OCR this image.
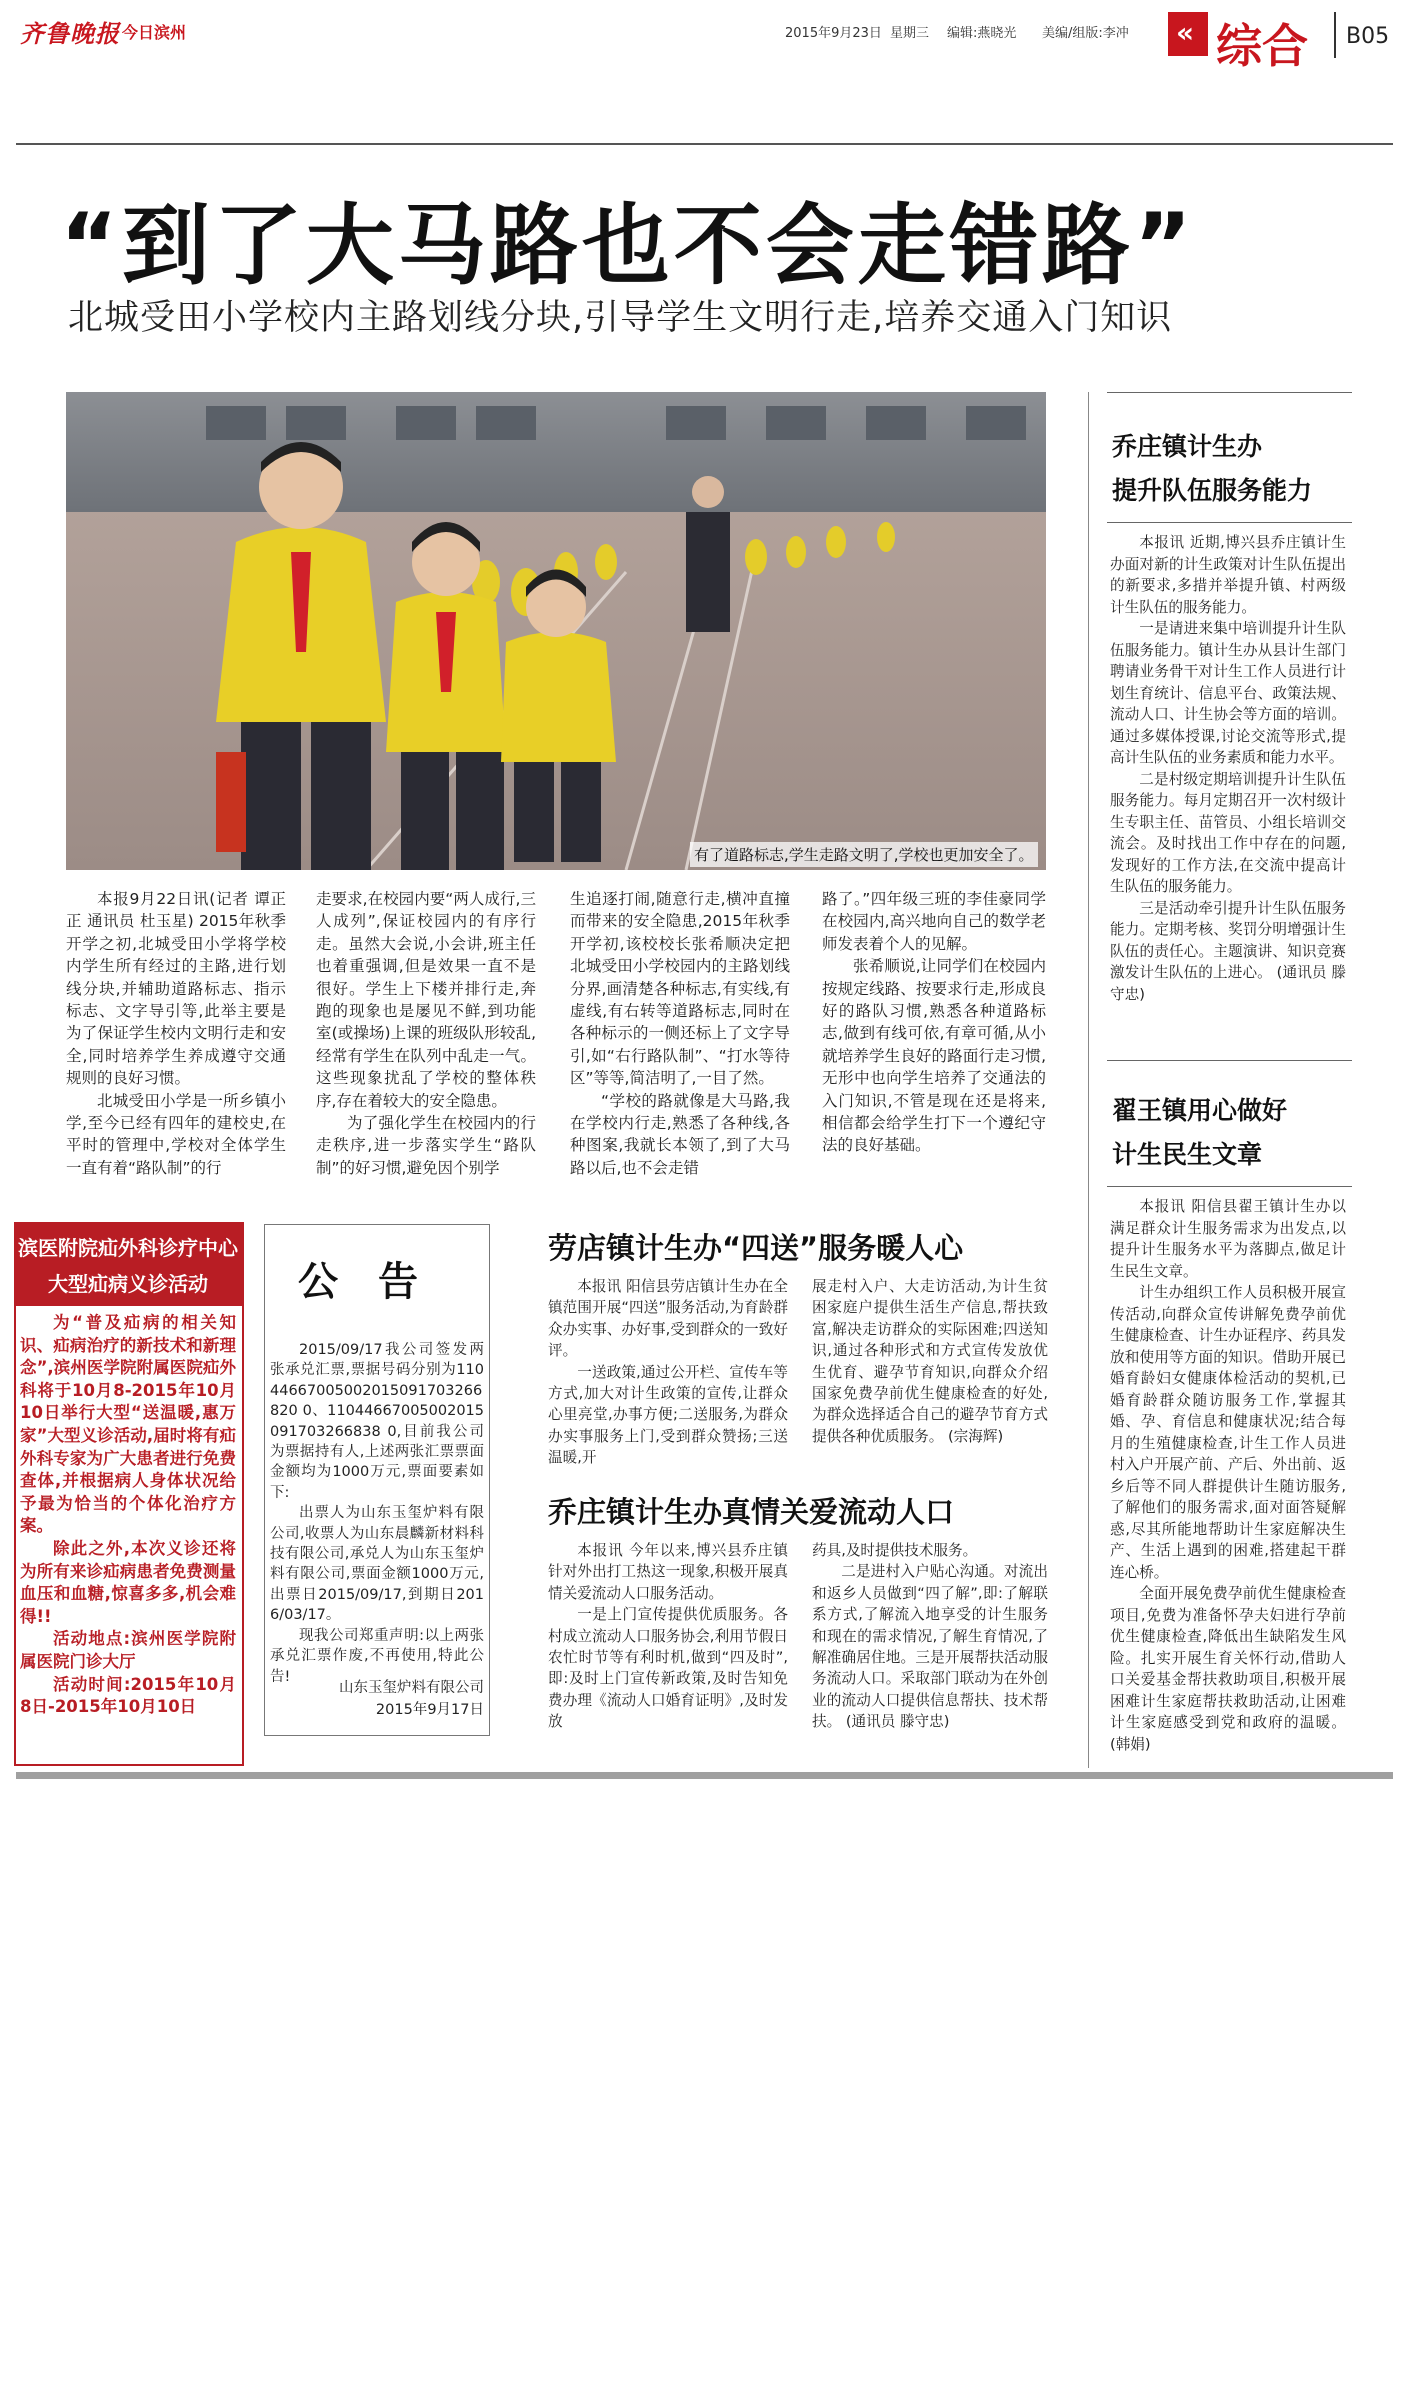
齐鲁晚报 今日滨州	2015年9月23日 星期三 编辑:燕晓光 美编/组版:李冲 « 综合 B05
“到了大马路也不会走错路”
北城受田小学校内主路划线分块,引导学生文明行走,培养交通入门知识
有了道路标志,学生走路文明了,学校也更加安全了。

本报9月22日讯(记者 谭正正 通讯员 杜玉星) 2015年秋季开学之初,北城受田小学将学校内学生所有经过的主路,进行划线分块,并辅助道路标志、指示标志、文字导引等,此举主要是为了保证学生校内文明行走和安全,同时培养学生养成遵守交通规则的良好习惯。

北城受田小学是一所乡镇小学,至今已经有四年的建校史,在平时的管理中,学校对全体学生一直有着“路队制”的行

走要求,在校园内要“两人成行,三人成列”,保证校园内的有序行走。虽然大会说,小会讲,班主任也着重强调,但是效果一直不是很好。学生上下楼并排行走,奔跑的现象也是屡见不鲜,到功能室(或操场)上课的班级队形较乱,经常有学生在队列中乱走一气。这些现象扰乱了学校的整体秩序,存在着较大的安全隐患。

为了强化学生在校园内的行走秩序,进一步落实学生“路队制”的好习惯,避免因个别学

生追逐打闹,随意行走,横冲直撞而带来的安全隐患,2015年秋季开学初,该校校长张希顺决定把北城受田小学校园内的主路划线分界,画清楚各种标志,有实线,有虚线,有右转等道路标志,同时在各种标示的一侧还标上了文字导引,如“右行路队制”、“打水等待区”等等,简洁明了,一目了然。

“学校的路就像是大马路,我在学校内行走,熟悉了各种线,各种图案,我就长本领了,到了大马路以后,也不会走错

路了。”四年级三班的李佳豪同学在校园内,高兴地向自己的数学老师发表着个人的见解。

张希顺说,让同学们在校园内按规定线路、按要求行走,形成良好的路队习惯,熟悉各种道路标志,做到有线可依,有章可循,从小就培养学生良好的路面行走习惯,无形中也向学生培养了交通法的入门知识,不管是现在还是将来,相信都会给学生打下一个遵纪守法的良好基础。

乔庄镇计生办
提升队伍服务能力

本报讯 近期,博兴县乔庄镇计生办面对新的计生政策对计生队伍提出的新要求,多措并举提升镇、村两级计生队伍的服务能力。

一是请进来集中培训提升计生队伍服务能力。镇计生办从县计生部门聘请业务骨干对计生工作人员进行计划生育统计、信息平台、政策法规、流动人口、计生协会等方面的培训。通过多媒体授课,讨论交流等形式,提高计生队伍的业务素质和能力水平。

二是村级定期培训提升计生队伍服务能力。每月定期召开一次村级计生专职主任、苗管员、小组长培训交流会。及时找出工作中存在的问题,发现好的工作方法,在交流中提高计生队伍的服务能力。

三是活动牵引提升计生队伍服务能力。定期考核、奖罚分明增强计生队伍的责任心。主题演讲、知识竞赛激发计生队伍的上进心。 (通讯员 滕守忠)

翟王镇用心做好
计生民生文章

本报讯 阳信县翟王镇计生办以满足群众计生服务需求为出发点,以提升计生服务水平为落脚点,做足计生民生文章。

计生办组织工作人员积极开展宣传活动,向群众宣传讲解免费孕前优生健康检查、计生办证程序、药具发放和使用等方面的知识。借助开展已婚育龄妇女健康体检活动的契机,已婚育龄群众随访服务工作,掌握其婚、孕、育信息和健康状况;结合每月的生殖健康检查,计生工作人员进村入户开展产前、产后、外出前、返乡后等不同人群提供计生随访服务,了解他们的服务需求,面对面答疑解惑,尽其所能地帮助计生家庭解决生产、生活上遇到的困难,搭建起干群连心桥。

全面开展免费孕前优生健康检查项目,免费为准备怀孕夫妇进行孕前优生健康检查,降低出生缺陷发生风险。扎实开展生育关怀行动,借助人口关爱基金帮扶救助项目,积极开展困难计生家庭帮扶救助活动,让困难计生家庭感受到党和政府的温暖。 (韩娟)

滨医附院疝外科诊疗中心
大型疝病义诊活动

为“普及疝病的相关知识、疝病治疗的新技术和新理念”,滨州医学院附属医院疝外科将于10月8-2015年10月10日举行大型“送温暖,惠万家”大型义诊活动,届时将有疝外科专家为广大患者进行免费查体,并根据病人身体状况给予最为恰当的个体化治疗方案。

除此之外,本次义诊还将为所有来诊疝病患者免费测量血压和血糖,惊喜多多,机会难得!!

活动地点:滨州医学院附属医院门诊大厅

活动时间:2015年10月8日-2015年10月10日

公告

2015/09/17我公司签发两张承兑汇票,票据号码分别为11044667005002015091703266820 0、11044667005002015091703266838 0,目前我公司为票据持有人,上述两张汇票票面金额均为1000万元,票面要素如下:

出票人为山东玉玺炉料有限公司,收票人为山东晨麟新材料科技有限公司,承兑人为山东玉玺炉料有限公司,票面金额1000万元,出票日2015/09/17,到期日2016/03/17。

现我公司郑重声明:以上两张承兑汇票作废,不再使用,特此公告!

山东玉玺炉料有限公司
2015年9月17日
劳店镇计生办“四送”服务暖人心

本报讯 阳信县劳店镇计生办在全镇范围开展“四送”服务活动,为育龄群众办实事、办好事,受到群众的一致好评。

一送政策,通过公开栏、宣传车等方式,加大对计生政策的宣传,让群众心里亮堂,办事方便;二送服务,为群众办实事服务上门,受到群众赞扬;三送温暖,开

展走村入户、大走访活动,为计生贫困家庭户提供生活生产信息,帮扶致富,解决走访群众的实际困难;四送知识,通过各种形式和方式宣传发放优生优育、避孕节育知识,向群众介绍国家免费孕前优生健康检查的好处,为群众选择适合自己的避孕节育方式提供各种优质服务。 (宗海辉)

乔庄镇计生办真情关爱流动人口

本报讯 今年以来,博兴县乔庄镇针对外出打工热这一现象,积极开展真情关爱流动人口服务活动。

一是上门宣传提供优质服务。各村成立流动人口服务协会,利用节假日农忙时节等有利时机,做到“四及时”,即:及时上门宣传新政策,及时告知免费办理《流动人口婚育证明》,及时发放

药具,及时提供技术服务。

二是进村入户贴心沟通。对流出和返乡人员做到“四了解”,即:了解联系方式,了解流入地享受的计生服务和现在的需求情况,了解生育情况,了解准确居住地。三是开展帮扶活动服务流动人口。采取部门联动为在外创业的流动人口提供信息帮扶、技术帮扶。 (通讯员 滕守忠)
